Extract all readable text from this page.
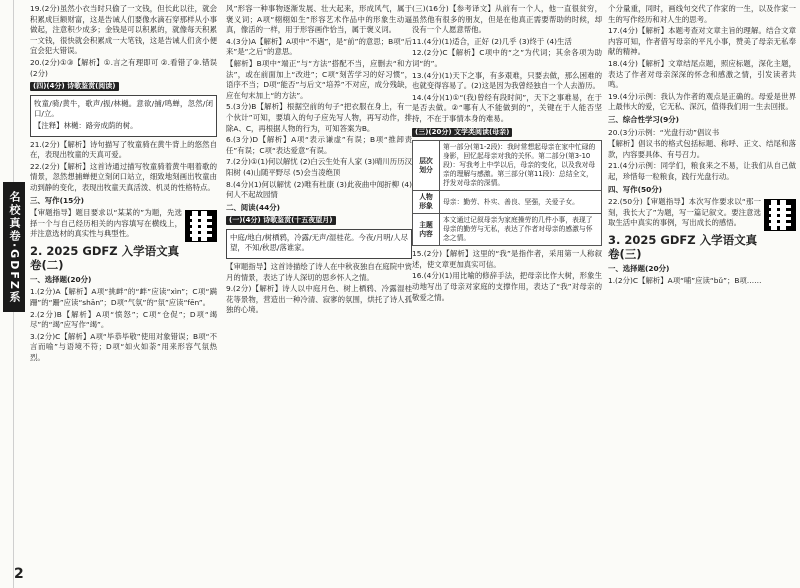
名校真卷·GDFZ系
2

19.(2分)虽然小衣当时只偷了一文钱，但长此以往，就会积累成巨额财富，这是告诫人们要像水滴石穿那样从小事做起，注意积少成多；金钱是可以积累的，就像每天积累一文钱，很快就会积累成一大笔钱，这是告诫人们贪小便宜会犯大错误。

20.(2分)①③【解析】①.言之有理即可 ②.看错了③.错误(2分)

(四)(4分) 诗歌鉴赏(阅读)

牧童/骑/黄牛，歌声/振/林樾。意欲/捕/鸣蝉，忽然/闭口/立。

【注释】林樾：路旁成荫的树。

21.(2分)【解析】诗句描写了牧童骑在黄牛背上的悠然自在，表现出牧童的天真可爱。

22.(2分)【解析】这首诗通过描写牧童骑着黄牛唱着歌的情景，忽然想捕蝉便立刻闭口站立，细致地刻画出牧童由动到静的变化，表现出牧童天真活泼、机灵的性格特点。

三、写作(15分)

【审题指导】题目要求以“某某的”为题，先选择一个与自己经历相关的内容填写在横线上，并注意选材的真实性与典型性。

2. 2025 GDFZ 入学语文真卷(二)
一、选择题(20分)

1.(2分)A【解析】A项“挑衅”的“衅”应读“xìn”；C项“蹒跚”的“跚”应读“shān”；D项“气氛”的“氛”应读“fēn”。

2.(2分)B【解析】A项“愤怒”；C项“仓促”；D项“竭尽”的“竭”应写作“竭”。

3.(2分)C【解析】A项“毕恭毕敬”使用对象错误；B项“不言而喻”与语境不符；D项“如火如荼”用来形容气氛热烈。

风”形容一种事物逐渐发展、壮大起来，形成风气，属于褒义词；A项“栩栩如生”形容艺术作品中的形象生动逼真，像活的一样，用于形容画作恰当，属于褒义词。

4.(3分)A【解析】A项中“不遇”，是“前”的意思；B项“后来”是“之后”的意思。

【解析】B项中“端正”与“方法”搭配不当，应删去“和方法”，或在前面加上“改进”；C项“刻苦学习的好习惯”，语序不当；D项“能否”与后文“培养”不对应，成分残缺，应在句末加上“的方法”。

5.(3分)B【解析】根据空前的句子“把衣服在身上，有一个伙计”可知，要填入的句子应先写人物，再写动作，排除A、C，再根据人物的行为，可知答案为B。

6.(3分)D【解析】A项“表示谦虚”有误；B项“推卸责任”有误；C项“表达爱意”有误。

7.(2分)①(1)何以解忧 (2)白云生处有人家 (3)晴川历历汉阳树 (4)山随平野尽 (5)会当凌绝顶

8.(4分)(1)何以解忧 (2)唯有杜康 (3)此夜曲中闻折柳 (4)何人不起故园情

二、阅读(44分)
(一)(4分) 诗歌鉴赏(十五夜望月)

中庭/地白/树栖鸦，冷露/无声/湿桂花。今夜/月明/人尽望，不知/秋思/落谁家。

【审题指导】这首诗描绘了诗人在中秋夜独自在庭院中赏月的情景，表达了诗人深切的思乡怀人之情。

9.(2分)【解析】诗人以中庭月色、树上栖鸦、冷露湿桂花等景物，营造出一种冷清、寂寥的氛围，烘托了诗人孤独的心境。

(三)(16分)【参考译文】从前有一个人，他一直很贫穷，虽然他有很多的朋友，但是在他真正需要帮助的时候，却没有一个人愿意帮他。

11.(4分)(1)适合，正好 (2)几乎 (3)终于 (4)生活

12.(2分)C【解析】C项中的“之”为代词；其余各项为助词“的”。

13.(4分)(1)天下之事，有多艰难，只要去做，那么困难的也就变得容易了。(2)这是因为我曾经独自一个人去游历。

14.(4分)(1)①“(我)曾经有段时间”，天下之事难易，在于是否去做。②“哪有人不能做到的”，关键在于人能否坚持，不在于事情本身的难易。

(三)(20分) 文学类阅读(母亲)
层次划分	第一部分(第1-2段)：我时常想起母亲在家中忙碌的身影，回忆起母亲对我的关怀。第二部分(第3-10段)：写我考上中学以后，母亲的变化，以及我对母亲的理解与感激。第三部分(第11段)：总结全文，抒发对母亲的深情。
人物形象	母亲：勤劳、朴实、善良、坚强，关爱子女。
主题内容	本文通过记叙母亲为家庭操劳的几件小事，表现了母亲的勤劳与无私，表达了作者对母亲的感激与怀念之情。

15.(2分)【解析】这里的“我”是指作者，采用第一人称叙述，使文章更加真实可信。

16.(4分)(1)用比喻的修辞手法，把母亲比作大树，形象生动地写出了母亲对家庭的支撑作用，表达了“我”对母亲的敬爱之情。

个分量重，同时，画线句交代了作家的一生，以及作家一生的写作经历和对人生的思考。

17.(4分)【解析】本题考查对文章主旨的理解。结合文章内容可知，作者借写母亲的平凡小事，赞美了母亲无私奉献的精神。

18.(4分)【解析】文章结尾点题，照应标题，深化主题，表达了作者对母亲深深的怀念和感激之情，引发读者共鸣。

19.(4分)示例：我认为作者的观点是正确的。母爱是世界上最伟大的爱，它无私、深沉，值得我们用一生去回报。

三、综合性学习(9分)

20.(3分)示例：“光盘行动”倡议书

【解析】倡议书的格式包括标题、称呼、正文、结尾和落款，内容要具体、有号召力。

21.(4分)示例：同学们，粮食来之不易，让我们从自己做起，珍惜每一粒粮食，践行光盘行动。

四、写作(50分)

22.(50分)【审题指导】本次写作要求以“那一刻，我长大了”为题，写一篇记叙文。要注意选取生活中真实的事例，写出成长的感悟。

3. 2025 GDFZ 入学语文真卷(三)
一、选择题(20分)

1.(2分)C【解析】A项“哺”应读“bǔ”；B项……
